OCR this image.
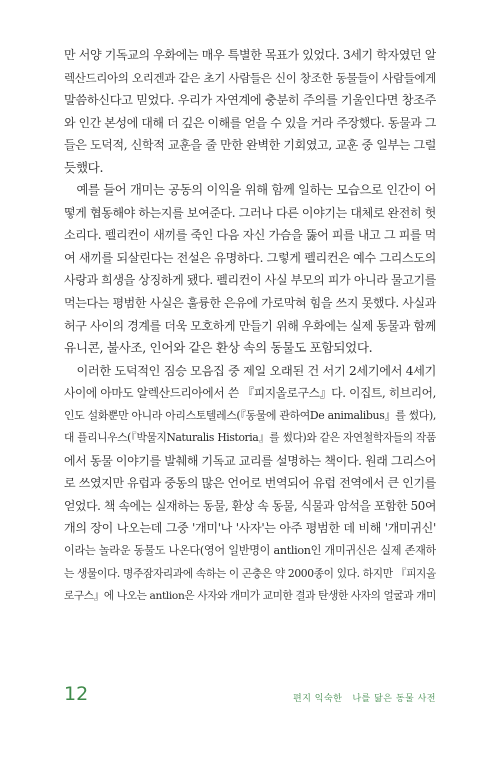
만 서양 기독교의 우화에는 매우 특별한 목표가 있었다. 3세기 학자였던 알
렉산드리아의 오리겐과 같은 초기 사람들은 신이 창조한 동물들이 사람들에게
말씀하신다고 믿었다. 우리가 자연계에 충분히 주의를 기울인다면 창조주
와 인간 본성에 대해 더 깊은 이해를 얻을 수 있을 거라 주장했다. 동물과 그
들은 도덕적, 신학적 교훈을 줄 만한 완벽한 기회였고, 교훈 중 일부는 그럴
듯했다.

예를 들어 개미는 공동의 이익을 위해 함께 일하는 모습으로 인간이 어
떻게 협동해야 하는지를 보여준다. 그러나 다른 이야기는 대체로 완전히 헛
소리다. 펠리컨이 새끼를 죽인 다음 자신 가슴을 뚫어 피를 내고 그 피를 먹
여 새끼를 되살린다는 전설은 유명하다. 그렇게 펠리컨은 예수 그리스도의
사랑과 희생을 상징하게 됐다. 펠리컨이 사실 부모의 피가 아니라 물고기를
먹는다는 평범한 사실은 훌륭한 은유에 가로막혀 힘을 쓰지 못했다. 사실과
허구 사이의 경계를 더욱 모호하게 만들기 위해 우화에는 실제 동물과 함께
유니콘, 불사조, 인어와 같은 환상 속의 동물도 포함되었다.

이러한 도덕적인 짐승 모음집 중 제일 오래된 건 서기 2세기에서 4세기
사이에 아마도 알렉산드리아에서 쓴 『피지올로구스』다. 이집트, 히브리어,
인도 설화뿐만 아니라 아리스토텔레스(『동물에 관하여De animalibus』를 썼다),
대 플리니우스(『박물지Naturalis Historia』를 썼다)와 같은 자연철학자들의 작품
에서 동물 이야기를 발췌해 기독교 교리를 설명하는 책이다. 원래 그리스어
로 쓰였지만 유럽과 중동의 많은 언어로 번역되어 유럽 전역에서 큰 인기를
얻었다. 책 속에는 실재하는 동물, 환상 속 동물, 식물과 암석을 포함한 50여
개의 장이 나오는데 그중 '개미'나 '사자'는 아주 평범한 데 비해 '개미귀신'
이라는 놀라운 동물도 나온다(영어 일반명이 antlion인 개미귀신은 실제 존재하
는 생물이다. 명주잠자리과에 속하는 이 곤충은 약 2000종이 있다. 하지만 『피지올
로구스』에 나오는 antlion은 사자와 개미가 교미한 결과 탄생한 사자의 얼굴과 개미

12	편지 익숙한 나를 닮은 동물 사전
